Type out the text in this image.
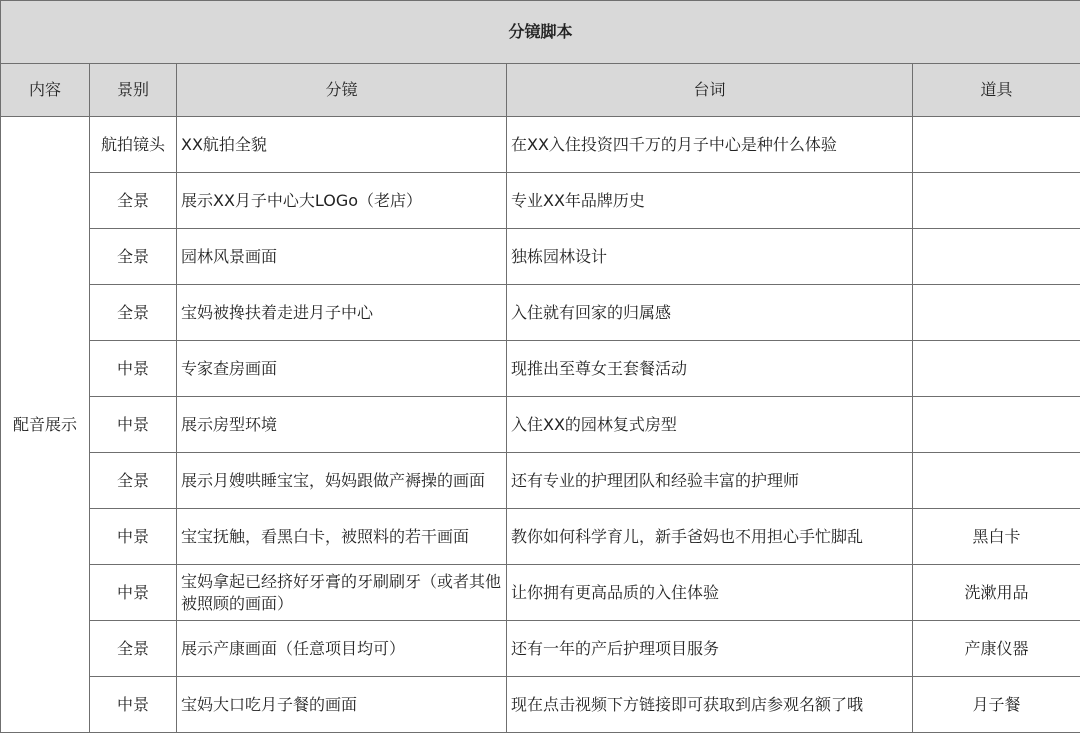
分镜脚本				
内容	景别	分镜	台词	道具
配音展示	航拍镜头	XX航拍全貌	在XX入住投资四千万的月子中心是种什么体验	
	全景	展示XX月子中心大LOGo（老店）	专业XX年品牌历史	
	全景	园林风景画面	独栋园林设计	
	全景	宝妈被搀扶着走进月子中心	入住就有回家的归属感	
	中景	专家查房画面	现推出至尊女王套餐活动	
	中景	展示房型环境	入住XX的园林复式房型	
	全景	展示月嫂哄睡宝宝，妈妈跟做产褥操的画面	还有专业的护理团队和经验丰富的护理师	
	中景	宝宝抚触，看黑白卡，被照料的若干画面	教你如何科学育儿，新手爸妈也不用担心手忙脚乱	黑白卡
	中景	宝妈拿起已经挤好牙膏的牙刷刷牙（或者其他被照顾的画面）	让你拥有更高品质的入住体验	洗漱用品
	全景	展示产康画面（任意项目均可）	还有一年的产后护理项目服务	产康仪器
	中景	宝妈大口吃月子餐的画面	现在点击视频下方链接即可获取到店参观名额了哦	月子餐
